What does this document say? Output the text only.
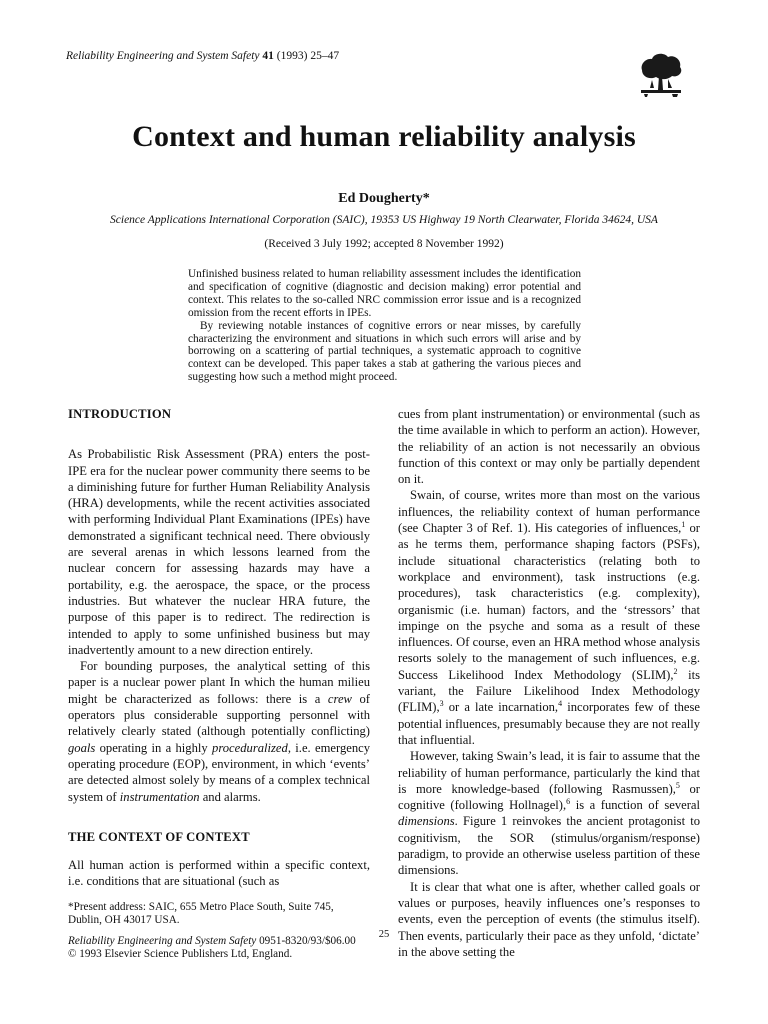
Reliability Engineering and System Safety 41 (1993) 25–47
Context and human reliability analysis
Ed Dougherty*
Science Applications International Corporation (SAIC), 19353 US Highway 19 North Clearwater, Florida 34624, USA
(Received 3 July 1992; accepted 8 November 1992)

Unfinished business related to human reliability assessment includes the identification and specification of cognitive (diagnostic and decision making) error potential and context. This relates to the so-called NRC commission error issue and is a recognized omission from the recent efforts in IPEs.

By reviewing notable instances of cognitive errors or near misses, by carefully characterizing the environment and situations in which such errors will arise and by borrowing on a scattering of partial techniques, a systematic approach to cognitive context can be developed. This paper takes a stab at gathering the various pieces and suggesting how such a method might proceed.

INTRODUCTION

As Probabilistic Risk Assessment (PRA) enters the post-IPE era for the nuclear power community there seems to be a diminishing future for further Human Reliability Analysis (HRA) developments, while the recent activities associated with performing Individual Plant Examinations (IPEs) have demonstrated a significant technical need. There obviously are several arenas in which lessons learned from the nuclear concern for assessing hazards may have a portability, e.g. the aerospace, the space, or the process industries. But whatever the nuclear HRA future, the purpose of this paper is to redirect. The redirection is intended to apply to some unfinished business but may inadvertently amount to a new direction entirely.

For bounding purposes, the analytical setting of this paper is a nuclear power plant In which the human milieu might be characterized as follows: there is a crew of operators plus considerable supporting personnel with relatively clearly stated (although potentially conflicting) goals operating in a highly proceduralized, i.e. emergency operating procedure (EOP), environment, in which ‘events’ are detected almost solely by means of a complex technical system of instrumentation and alarms.

THE CONTEXT OF CONTEXT

All human action is performed within a specific context, i.e. conditions that are situational (such as

*Present address: SAIC, 655 Metro Place South, Suite 745, Dublin, OH 43017 USA.

Reliability Engineering and System Safety 0951-8320/93/$06.00
© 1993 Elsevier Science Publishers Ltd, England.

cues from plant instrumentation) or environmental (such as the time available in which to perform an action). However, the reliability of an action is not necessarily an obvious function of this context or may only be partially dependent on it.

Swain, of course, writes more than most on the various influences, the reliability context of human performance (see Chapter 3 of Ref. 1). His categories of influences,$^1$ or as he terms them, performance shaping factors (PSFs), include situational characteristics (relating both to workplace and environment), task instructions (e.g. procedures), task characteristics (e.g. complexity), organismic (i.e. human) factors, and the ‘stressors’ that impinge on the psyche and soma as a result of these influences. Of course, even an HRA method whose analysis resorts solely to the management of such influences, e.g. Success Likelihood Index Methodology (SLIM),$^2$ its variant, the Failure Likelihood Index Methodology (FLIM),$^3$ or a late incarnation,$^4$ incorporates few of these potential influences, presumably because they are not really that influential.

However, taking Swain’s lead, it is fair to assume that the reliability of human performance, particularly the kind that is more knowledge-based (following Rasmussen),$^5$ or cognitive (following Hollnagel),$^6$ is a function of several dimensions. Figure 1 reinvokes the ancient protagonist to cognitivism, the SOR (stimulus/organism/response) paradigm, to provide an otherwise useless partition of these dimensions.

It is clear that what one is after, whether called goals or values or purposes, heavily influences one’s responses to events, even the perception of events (the stimulus itself). Then events, particularly their pace as they unfold, ‘dictate’ in the above setting the

25
